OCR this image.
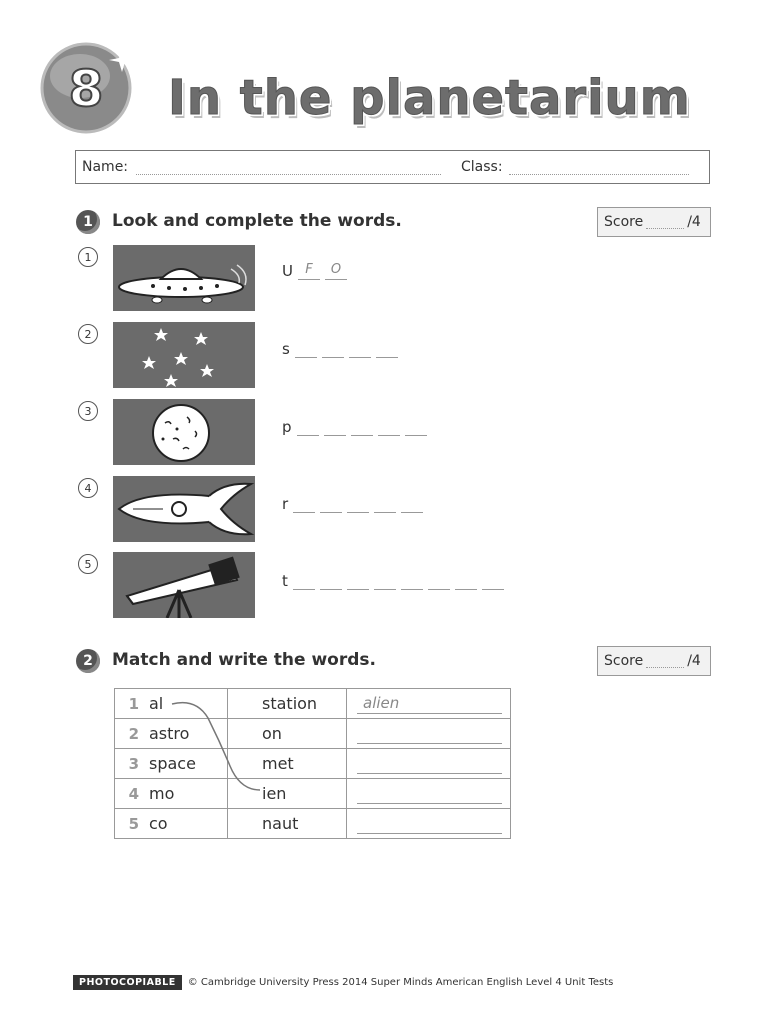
8 In the planetarium
Name:	Class:
1	Look and complete the words.	Score	/4
1
U F	O
2
s
3
p
4
r
5
t
2	Match and write the words.	Score	/4
1 al	station	alien

2 astro	on	

3 space	met	

4 mo	ien	

5 co	naut	
PHOTOCOPIABLE	© Cambridge University Press 2014 Super Minds American English Level 4 Unit Tests
